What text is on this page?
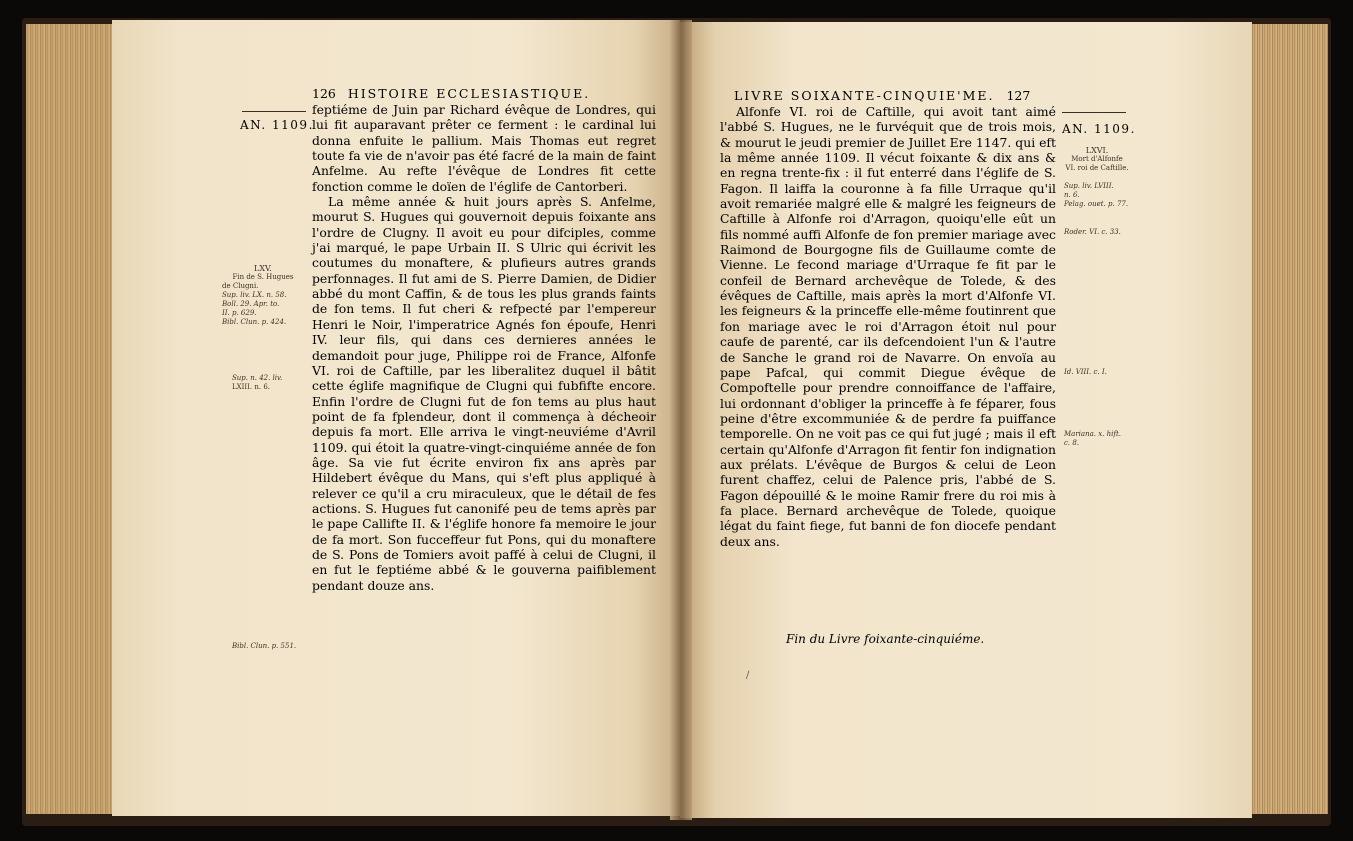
126 HISTOIRE ECCLESIASTIQUE.
AN. 1109.

feptiéme de Juin par Richard évêque de Londres, qui lui fit auparavant prêter ce ferment : le cardinal lui donna enfuite le pallium. Mais Thomas eut regret toute fa vie de n'avoir pas été facré de la main de faint Anfelme. Au refte l'évêque de Londres fit cette fonction comme le doïen de l'églife de Cantorberi.

La même année & huit jours après S. Anfelme, mourut S. Hugues qui gouvernoit depuis foixante ans l'ordre de Clugny. Il avoit eu pour difciples, comme j'ai marqué, le pape Urbain II. S Ulric qui écrivit les coutumes du monaftere, & plufieurs autres grands perfonnages. Il fut ami de S. Pierre Damien, de Didier abbé du mont Caffin, & de tous les plus grands faints de fon tems. Il fut cheri & refpecté par l'empereur Henri le Noir, l'imperatrice Agnés fon époufe, Henri IV. leur fils, qui dans ces dernieres années le demandoit pour juge, Philippe roi de France, Alfonfe VI. roi de Caftille, par les liberalitez duquel il bâtit cette églife magnifique de Clugni qui fubfifte encore. Enfin l'ordre de Clugni fut de fon tems au plus haut point de fa fplendeur, dont il commença à décheoir depuis fa mort. Elle arriva le vingt-neuviéme d'Avril 1109. qui étoit la quatre-vingt-cinquiéme année de fon âge. Sa vie fut écrite environ fix ans après par Hildebert évêque du Mans, qui s'eft plus appliqué à relever ce qu'il a cru miraculeux, que le détail de fes actions. S. Hugues fut canonifé peu de tems après par le pape Callifte II. & l'églife honore fa memoire le jour de fa mort. Son fucceffeur fut Pons, qui du monaftere de S. Pons de Tomiers avoit paffé à celui de Clugni, il en fut le feptiéme abbé & le gouverna paifiblement pendant douze ans.

LXV.
Fin de S. Hugues
de Clugni.
Sup. liv. LX. n. 58.
Boll. 29. Apr. to.
II. p. 629.
Bibl. Clun. p. 424.
Sup. n. 42. liv.
LXIII. n. 6.
Bibl. Clun. p. 551.
LIVRE SOIXANTE-CINQUIE'ME. 127
AN. 1109.

Alfonfe VI. roi de Caftille, qui avoit tant aimé l'abbé S. Hugues, ne le furvéquit que de trois mois, & mourut le jeudi premier de Juillet Ere 1147. qui eft la même année 1109. Il vécut foixante & dix ans & en regna trente-fix : il fut enterré dans l'églife de S. Fagon. Il laiffa la couronne à fa fille Urraque qu'il avoit remariée malgré elle & malgré les feigneurs de Caftille à Alfonfe roi d'Arragon, quoiqu'elle eût un fils nommé auffi Alfonfe de fon premier mariage avec Raimond de Bourgogne fils de Guillaume comte de Vienne. Le fecond mariage d'Urraque fe fit par le confeil de Bernard archevêque de Tolede, & des évêques de Caftille, mais après la mort d'Alfonfe VI. les feigneurs & la princeffe elle-même foutinrent que fon mariage avec le roi d'Arragon étoit nul pour caufe de parenté, car ils defcendoient l'un & l'autre de Sanche le grand roi de Navarre. On envoïa au pape Pafcal, qui commit Diegue évêque de Compoftelle pour prendre connoiffance de l'affaire, lui ordonnant d'obliger la princeffe à fe féparer, fous peine d'être excommuniée & de perdre fa puiffance temporelle. On ne voit pas ce qui fut jugé ; mais il eft certain qu'Alfonfe d'Arragon fit fentir fon indignation aux prélats. L'évêque de Burgos & celui de Leon furent chaffez, celui de Palence pris, l'abbé de S. Fagon dépouillé & le moine Ramir frere du roi mis à fa place. Bernard archevêque de Tolede, quoique légat du faint fiege, fut banni de fon diocefe pendant deux ans.

LXVI.
Mort d'Alfonfe
VI. roi de Caftille.
Sup. liv. LVIII.
n. 6.
Pelag. ouet. p. 77.
Roder. VI. c. 33.
Id. VIII. c. I.
Mariana. x. hift.
c. 8.
Fin du Livre foixante-cinquiéme.
/
